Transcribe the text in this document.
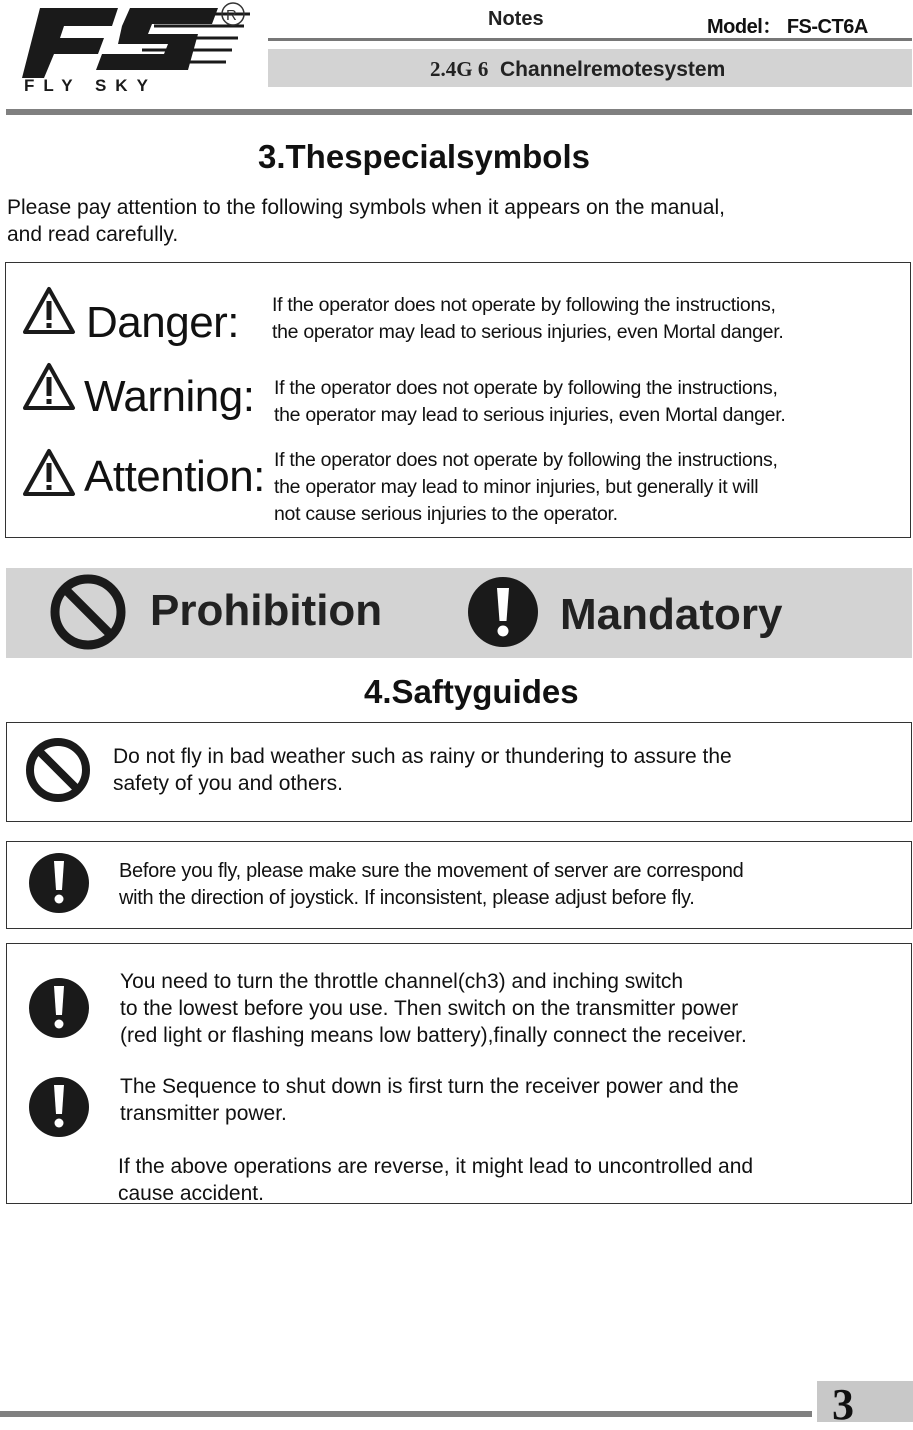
FLY SKY
R	Notes	Model： FS-CT6A
2.4G 6 Channelremotesystem
3.Thespecialsymbols
Please pay attention to the following symbols when it appears on the manual,
and read carefully.
Danger: If the operator does not operate by following the instructions,
the operator may lead to serious injuries, even Mortal danger.
Warning: If the operator does not operate by following the instructions,
the operator may lead to serious injuries, even Mortal danger.
Attention: If the operator does not operate by following the instructions,
the operator may lead to minor injuries, but generally it will
not cause serious injuries to the operator.
Prohibition	Mandatory
4.Saftyguides
Do not fly in bad weather such as rainy or thundering to assure the
safety of you and others.
Before you fly, please make sure the movement of server are correspond
with the direction of joystick. If inconsistent, please adjust before fly.
You need to turn the throttle channel(ch3) and inching switch
to the lowest before you use. Then switch on the transmitter power
(red light or flashing means low battery),finally connect the receiver.
The Sequence to shut down is first turn the receiver power and the
transmitter power.
If the above operations are reverse, it might lead to uncontrolled and
cause accident.
3
